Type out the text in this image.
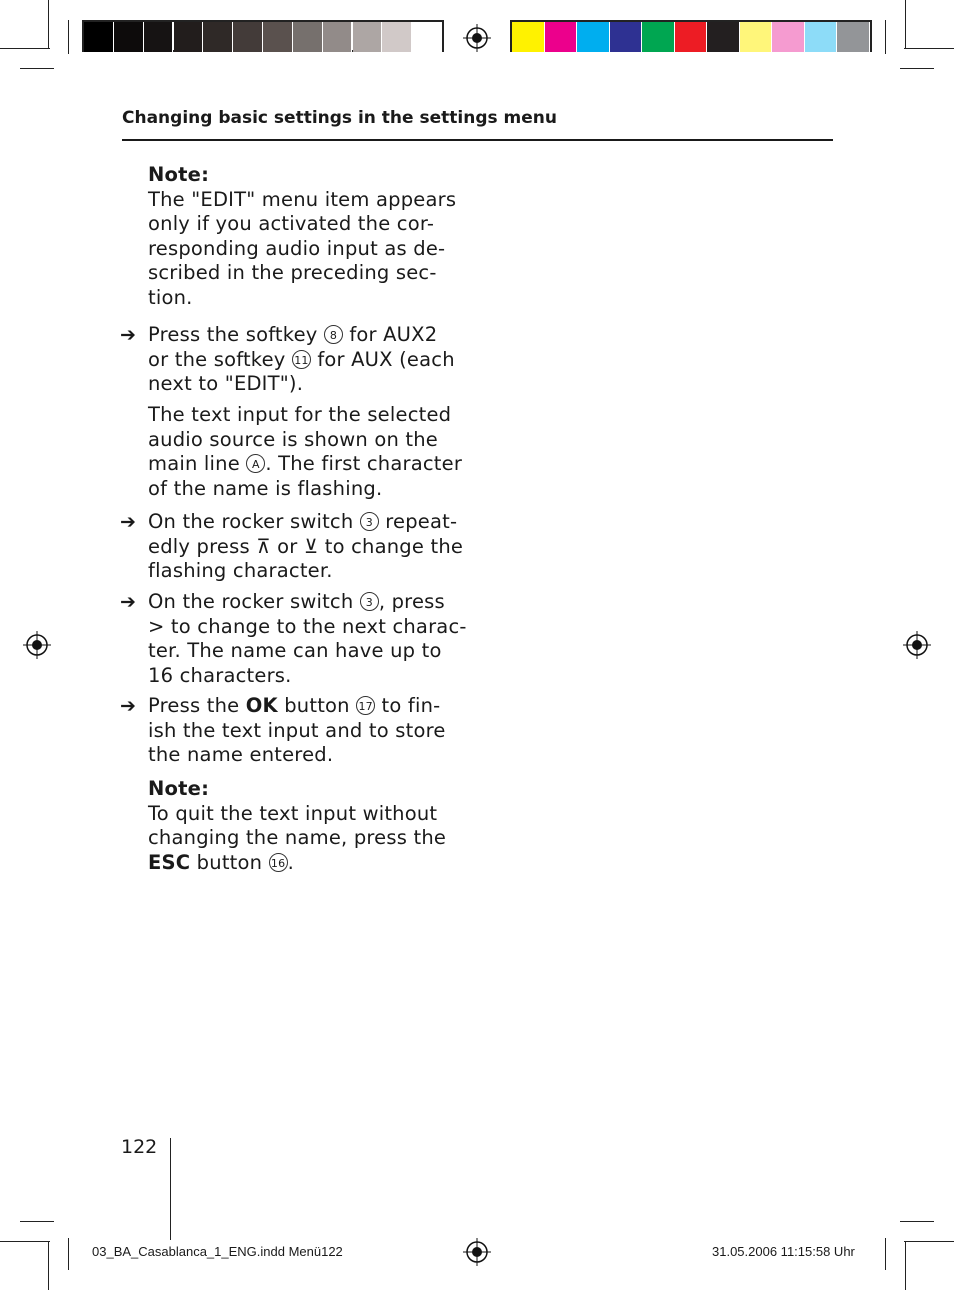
Changing basic settings in the settings menu
Note:
The "EDIT" menu item appears
only if you activated the cor-
responding audio input as de-
scribed in the preceding sec-
tion.
➔ Press the softkey 8 for AUX2
or the softkey 11 for AUX (each
next to "EDIT").
The text input for the selected
audio source is shown on the
main line A . The first character
of the name is flashing.
➔ On the rocker switch 3 repeat-
edly press ⊼ or ⊻ to change the
flashing character.
➔ On the rocker switch 3 , press
> to change to the next charac-
ter. The name can have up to
16 characters.
➔ Press the OK button 17 to fin-
ish the text input and to store
the name entered.
Note:
To quit the text input without
changing the name, press the
ESC button 16 .
122
03_BA_Casablanca_1_ENG.indd Menü122	31.05.2006 11:15:58 Uhr
